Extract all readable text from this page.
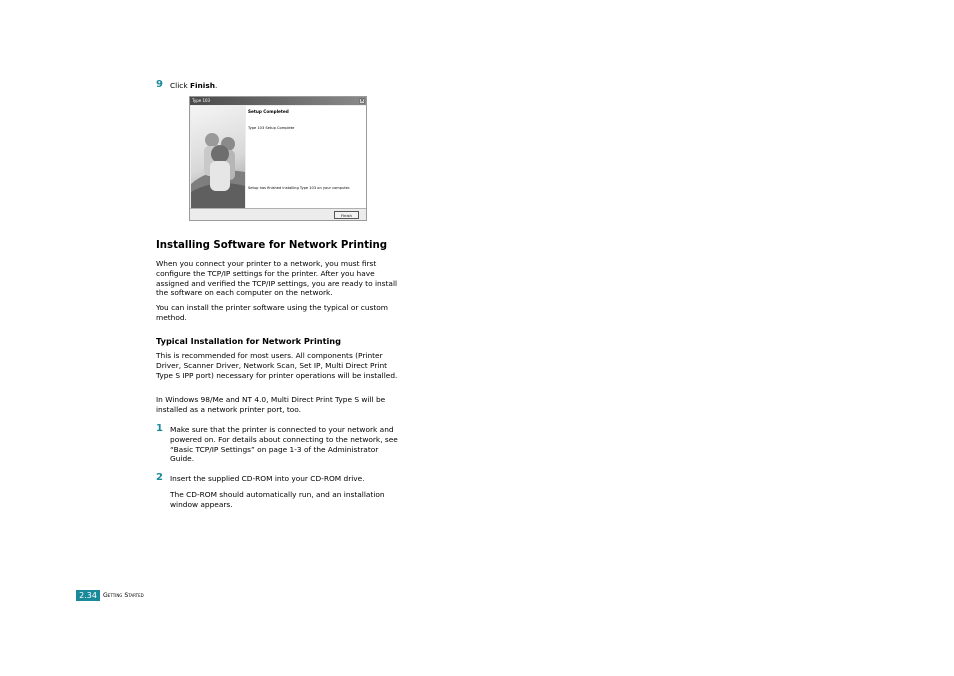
9 Click Finish.
Type 103	×
Setup Completed
Type 103 Setup Complete
Setup has finished installing Type 103 on your computer.
Finish
Installing Software for Network Printing

When you connect your printer to a network, you must first configure the TCP/IP settings for the printer. After you have assigned and verified the TCP/IP settings, you are ready to install the software on each computer on the network.

You can install the printer software using the typical or custom method.

Typical Installation for Network Printing

This is recommended for most users. All components (Printer Driver, Scanner Driver, Network Scan, Set IP, Multi Direct Print Type S IPP port) necessary for printer operations will be installed.

In Windows 98/Me and NT 4.0, Multi Direct Print Type S will be installed as a network printer port, too.

1 Make sure that the printer is connected to your network and powered on. For details about connecting to the network, see “Basic TCP/IP Settings” on page 1-3 of the Administrator Guide.

2 Insert the supplied CD-ROM into your CD-ROM drive.

The CD-ROM should automatically run, and an installation window appears.

2.34 Getting Started
